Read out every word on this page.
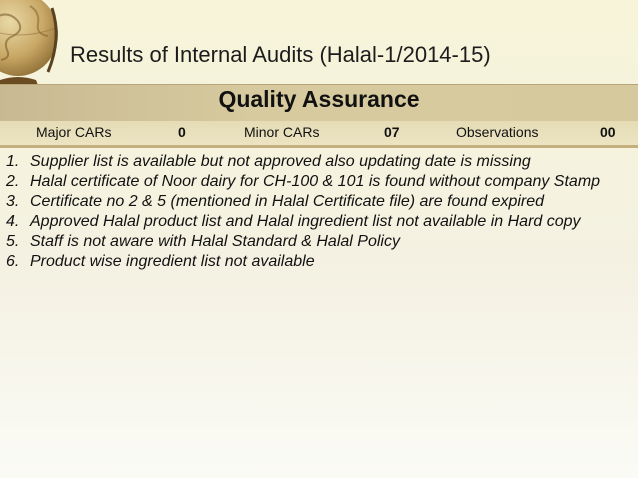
Results of Internal Audits (Halal-1/2014-15)
Quality Assurance
Major CARs	0	Minor CARs	07	Observations	00
1. Supplier list is available but not approved also updating date is missing
2. Halal certificate of Noor dairy for CH-100 & 101 is found without company Stamp
3. Certificate no 2 & 5 (mentioned in Halal Certificate file) are found expired
4. Approved Halal product list and Halal ingredient list not available in Hard copy
5. Staff is not aware with Halal Standard & Halal Policy
6. Product wise ingredient list not available
